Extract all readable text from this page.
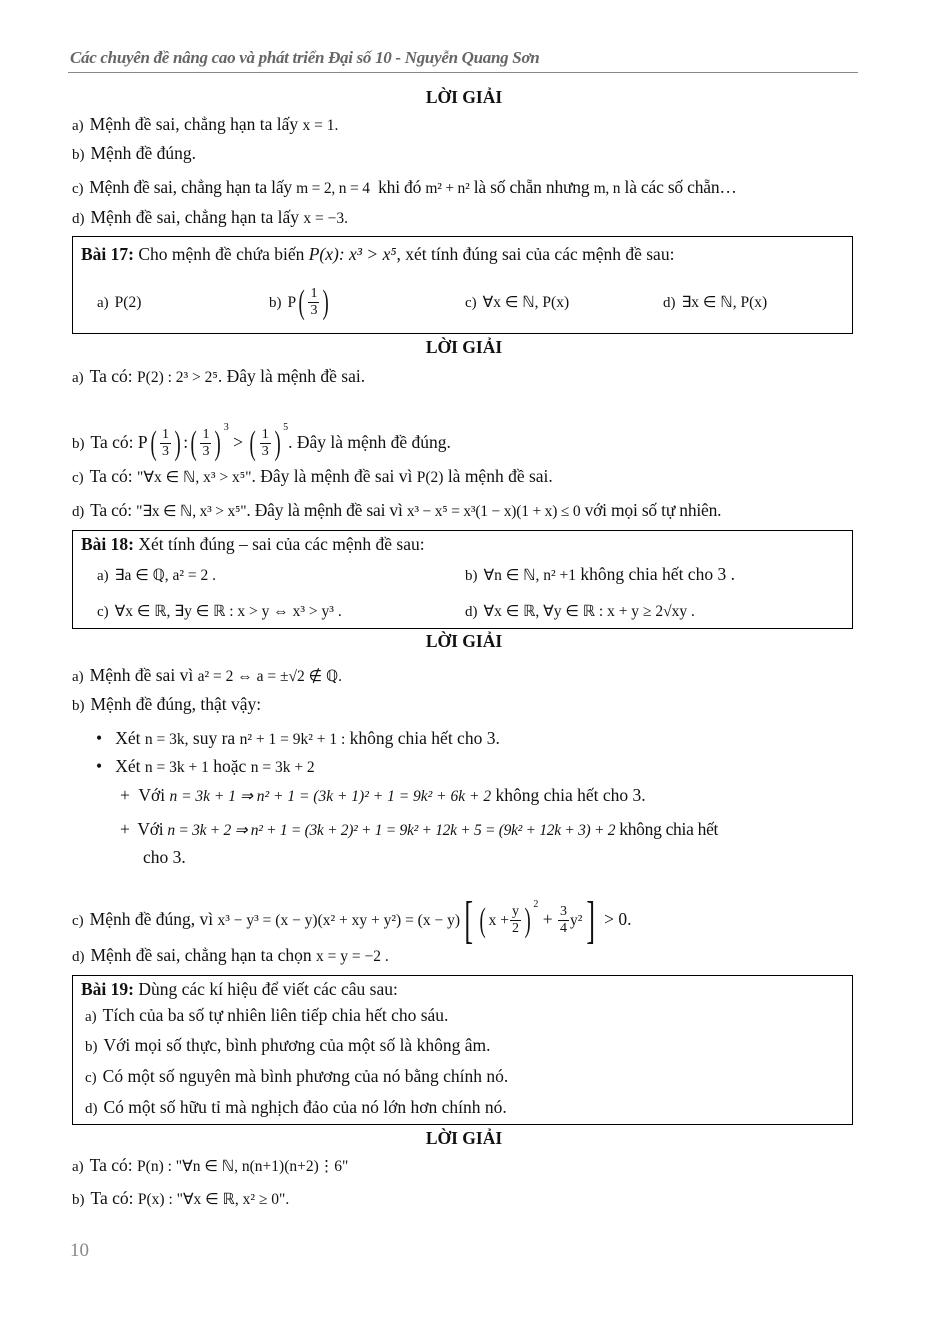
Các chuyên đề nâng cao và phát triển Đại số 10 - Nguyễn Quang Sơn
LỜI GIẢI
a) Mệnh đề sai, chẳng hạn ta lấy x = 1.
b) Mệnh đề đúng.
c) Mệnh đề sai, chẳng hạn ta lấy m = 2, n = 4 khi đó m² + n² là số chẵn nhưng m, n là các số chẵn…
d) Mệnh đề sai, chẳng hạn ta lấy x = −3.
Bài 17: Cho mệnh đề chứa biến P(x): x³ > x⁵, xét tính đúng sai của các mệnh đề sau:
a) P(2)	b) $P( \frac{1}{3}$ )	c) ∀x ∈ ℕ, P(x)	d) ∃x ∈ ℕ, P(x)
LỜI GIẢI
a) Ta có: P(2) : 2³ > 2⁵. Đây là mệnh đề sai.
b) Ta có: $P( \frac{1}{3}$ ) :( $\frac{1}{3}$ ) $^3$ > ( $\frac{1}{3}$ ) $^5$. Đây là mệnh đề đúng.
c) Ta có: "∀x ∈ ℕ, x³ > x⁵". Đây là mệnh đề sai vì P(2) là mệnh đề sai.
d) Ta có: "∃x ∈ ℕ, x³ > x⁵". Đây là mệnh đề sai vì x³ − x⁵ = x³(1 − x)(1 + x) ≤ 0 với mọi số tự nhiên.
Bài 18: Xét tính đúng – sai của các mệnh đề sau:
a) ∃a ∈ ℚ, a² = 2 .	b) ∀n ∈ ℕ, n² +1 không chia hết cho 3 .
c) ∀x ∈ ℝ, ∃y ∈ ℝ : x > y ⇔ x³ > y³ .	d) ∀x ∈ ℝ, ∀y ∈ ℝ : x + y ≥ 2√xy .
LỜI GIẢI
a) Mệnh đề sai vì a² = 2 ⇔ a = ±√2 ∉ ℚ.
b) Mệnh đề đúng, thật vậy:
• Xét n = 3k, suy ra n² + 1 = 9k² + 1 : không chia hết cho 3.
• Xét n = 3k + 1 hoặc n = 3k + 2
+ Với n = 3k + 1 ⇒ n² + 1 = (3k + 1)² + 1 = 9k² + 6k + 2 không chia hết cho 3.
+ Với n = 3k + 2 ⇒ n² + 1 = (3k + 2)² + 1 = 9k² + 12k + 5 = (9k² + 12k + 3) + 2 không chia hết
cho 3.
c) Mệnh đề đúng, vì x³ − y³ = (x − y)(x² + xy + y²) = (x − y)[ ( $x + \frac{y}{2}$ ) $^2 + \frac{3}{4} y^2] > 0$.
d) Mệnh đề sai, chẳng hạn ta chọn x = y = −2 .
Bài 19: Dùng các kí hiệu để viết các câu sau:
a) Tích của ba số tự nhiên liên tiếp chia hết cho sáu.
b) Với mọi số thực, bình phương của một số là không âm.
c) Có một số nguyên mà bình phương của nó bằng chính nó.
d) Có một số hữu tỉ mà nghịch đảo của nó lớn hơn chính nó.
LỜI GIẢI
a) Ta có: P(n) : "∀n ∈ ℕ, n(n+1)(n+2)⋮6"
b) Ta có: P(x) : "∀x ∈ ℝ, x² ≥ 0".
10
